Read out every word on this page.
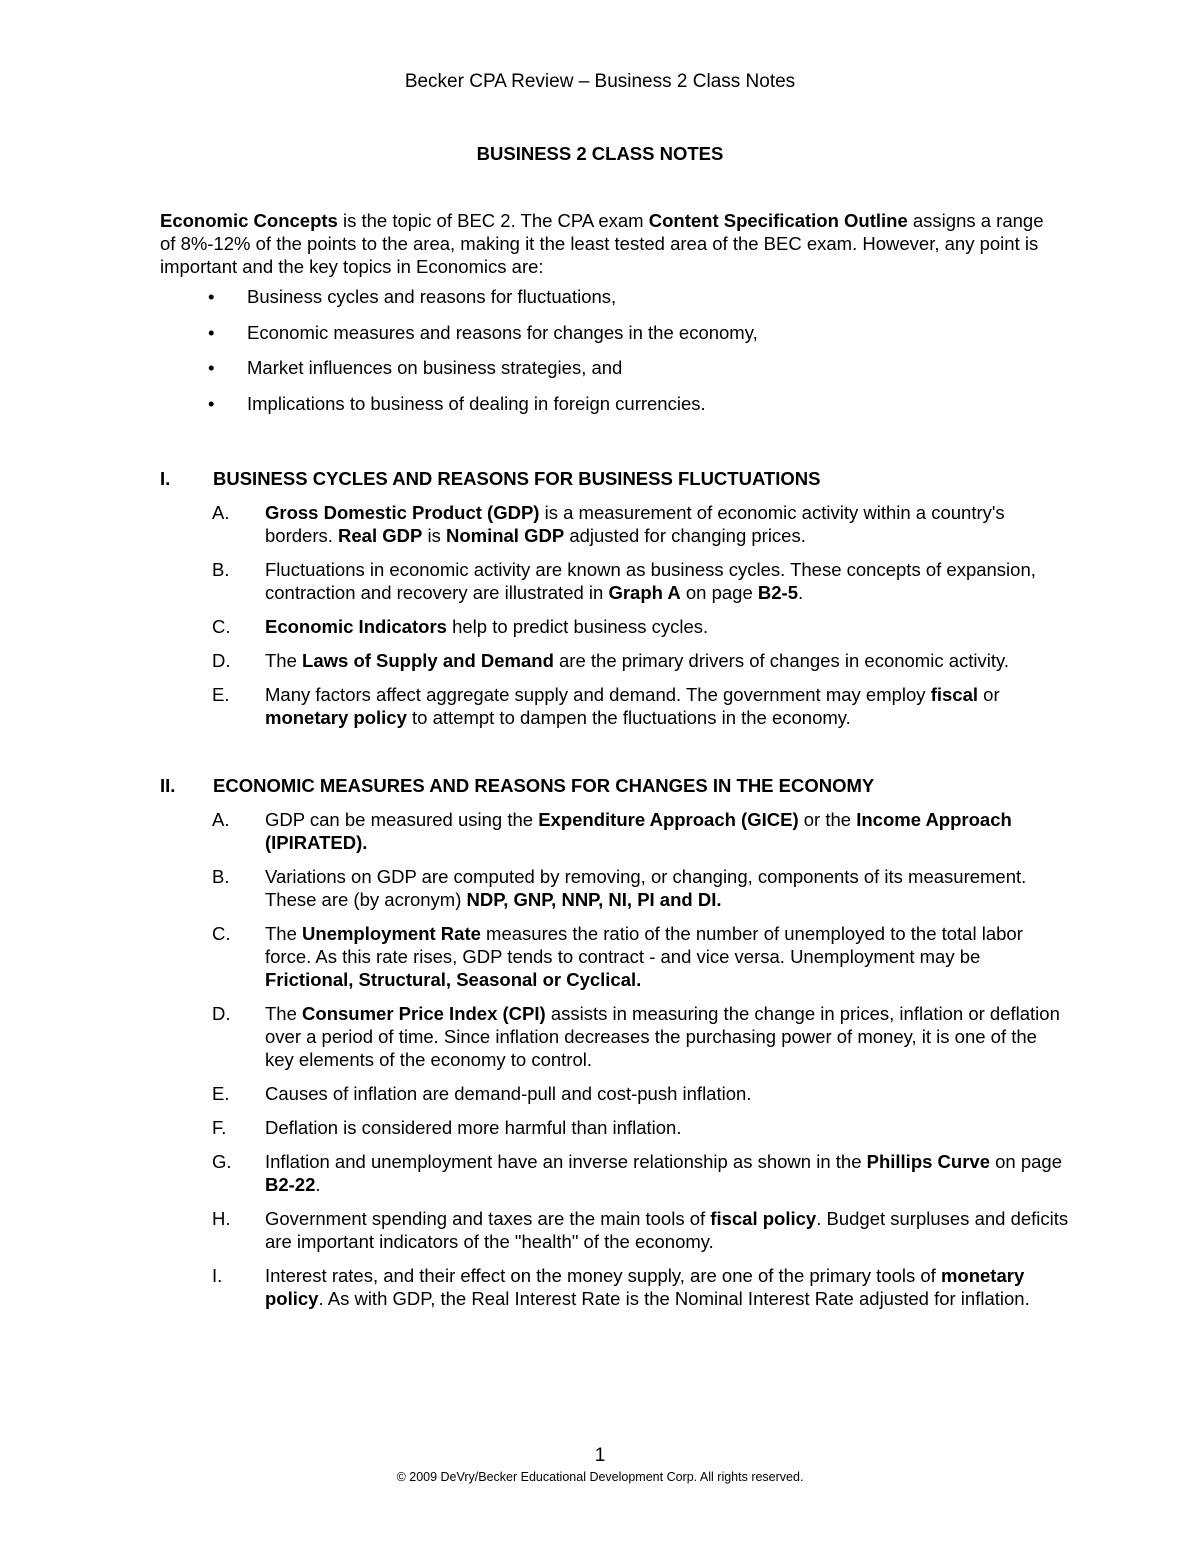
Becker CPA Review – Business 2 Class Notes
BUSINESS 2 CLASS NOTES

Economic Concepts is the topic of BEC 2. The CPA exam Content Specification Outline assigns a range of 8%-12% of the points to the area, making it the least tested area of the BEC exam. However, any point is important and the key topics in Economics are:

• Business cycles and reasons for fluctuations,
• Economic measures and reasons for changes in the economy,
• Market influences on business strategies, and
• Implications to business of dealing in foreign currencies.
I. BUSINESS CYCLES AND REASONS FOR BUSINESS FLUCTUATIONS
A. Gross Domestic Product (GDP) is a measurement of economic activity within a country's borders. Real GDP is Nominal GDP adjusted for changing prices.
B. Fluctuations in economic activity are known as business cycles. These concepts of expansion, contraction and recovery are illustrated in Graph A on page B2-5.
C. Economic Indicators help to predict business cycles.
D. The Laws of Supply and Demand are the primary drivers of changes in economic activity.
E. Many factors affect aggregate supply and demand. The government may employ fiscal or monetary policy to attempt to dampen the fluctuations in the economy.
II. ECONOMIC MEASURES AND REASONS FOR CHANGES IN THE ECONOMY
A. GDP can be measured using the Expenditure Approach (GICE) or the Income Approach (IPIRATED).
B. Variations on GDP are computed by removing, or changing, components of its measurement. These are (by acronym) NDP, GNP, NNP, NI, PI and DI.
C. The Unemployment Rate measures the ratio of the number of unemployed to the total labor force. As this rate rises, GDP tends to contract - and vice versa. Unemployment may be Frictional, Structural, Seasonal or Cyclical.
D. The Consumer Price Index (CPI) assists in measuring the change in prices, inflation or deflation over a period of time. Since inflation decreases the purchasing power of money, it is one of the key elements of the economy to control.
E. Causes of inflation are demand-pull and cost-push inflation.
F. Deflation is considered more harmful than inflation.
G. Inflation and unemployment have an inverse relationship as shown in the Phillips Curve on page B2-22.
H. Government spending and taxes are the main tools of fiscal policy. Budget surpluses and deficits are important indicators of the "health" of the economy.
I. Interest rates, and their effect on the money supply, are one of the primary tools of monetary policy. As with GDP, the Real Interest Rate is the Nominal Interest Rate adjusted for inflation.
1
© 2009 DeVry/Becker Educational Development Corp. All rights reserved.
